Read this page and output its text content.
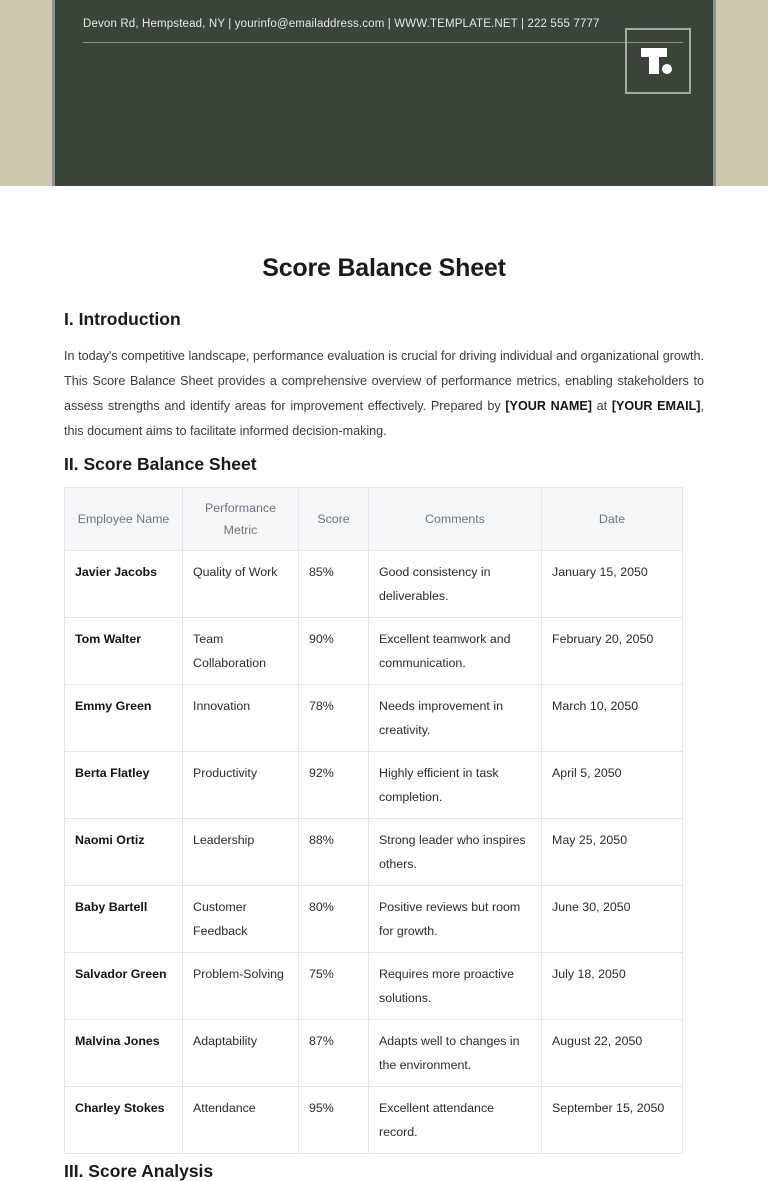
Devon Rd, Hempstead, NY | yourinfo@emailaddress.com | WWW.TEMPLATE.NET | 222 555 7777
Score Balance Sheet
I. Introduction

In today's competitive landscape, performance evaluation is crucial for driving individual and organizational growth. This Score Balance Sheet provides a comprehensive overview of performance metrics, enabling stakeholders to assess strengths and identify areas for improvement effectively. Prepared by [YOUR NAME] at [YOUR EMAIL], this document aims to facilitate informed decision-making.

II. Score Balance Sheet
Employee Name	Performance Metric	Score	Comments	Date
Javier Jacobs	Quality of Work	85%	Good consistency in deliverables.	January 15, 2050
Tom Walter	Team Collaboration	90%	Excellent teamwork and communication.	February 20, 2050
Emmy Green	Innovation	78%	Needs improvement in creativity.	March 10, 2050
Berta Flatley	Productivity	92%	Highly efficient in task completion.	April 5, 2050
Naomi Ortiz	Leadership	88%	Strong leader who inspires others.	May 25, 2050
Baby Bartell	Customer Feedback	80%	Positive reviews but room for growth.	June 30, 2050
Salvador Green	Problem-Solving	75%	Requires more proactive solutions.	July 18, 2050
Malvina Jones	Adaptability	87%	Adapts well to changes in the environment.	August 22, 2050
Charley Stokes	Attendance	95%	Excellent attendance record.	September 15, 2050
III. Score Analysis
